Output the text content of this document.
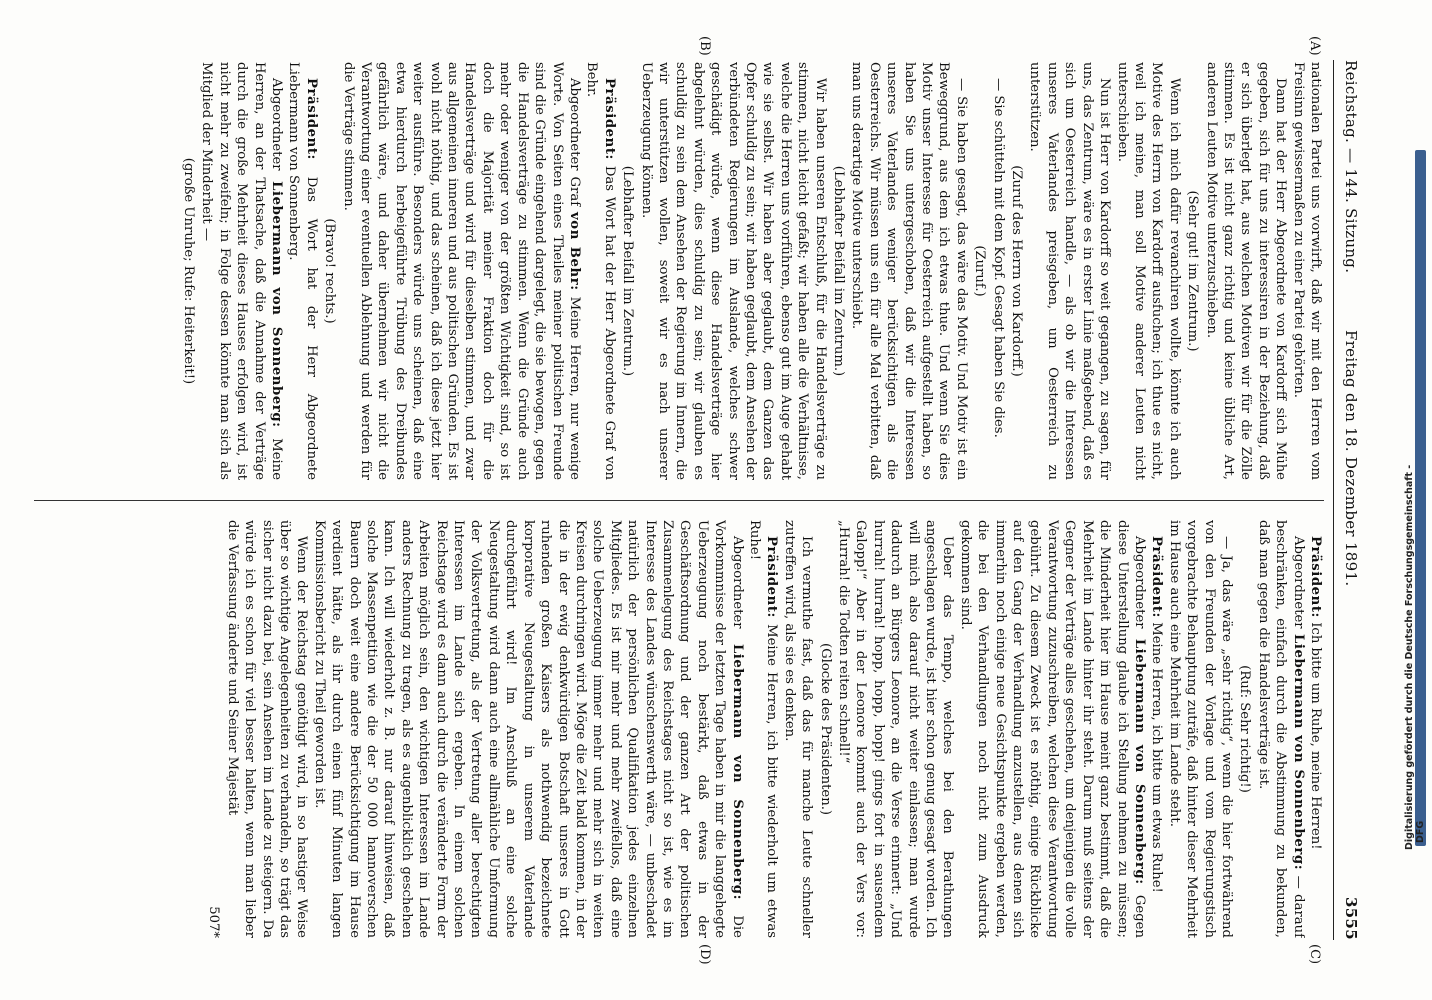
Reichstag. — 144. Sitzung.
Freitag den 18. Dezember 1891.
3555
(A)
(B)
(C)
(D)

nationalen Partei uns vorwirft, daß wir mit den Herren vom Freisinn gewissermaßen zu einer Partei gehörten.

Dann hat der Herr Abgeordnete von Kardorff sich Mühe gegeben, sich für uns zu interessiren in der Beziehung, daß er sich überlegt hat, aus welchen Motiven wir für die Zölle stimmen. Es ist nicht ganz richtig und keine übliche Art, anderen Leuten Motive unterzuschieben.

(Sehr gut! im Zentrum.)

Wenn ich mich dafür revanchiren wollte, könnte ich auch Motive des Herrn von Kardorff ausfuchen; ich thue es nicht, weil ich meine, man soll Motive anderer Leuten nicht unterschieben.

Nun ist Herr von Kardorff so weit gegangen, zu sagen, für uns, das Zentrum, wäre es in erster Linie maßgebend, daß es sich um Oesterreich handle, — als ob wir die Interessen unseres Vaterlandes preisgeben, um Oesterreich zu unterstützen.

(Zuruf des Herrn von Kardorff.)

— Sie schütteln mit dem Kopf. Gesagt haben Sie dies.

(Zuruf.)

— Sie haben gesagt, das wäre das Motiv. Und Motiv ist ein Beweggrund, aus dem ich etwas thue. Und wenn Sie dies Motiv unser Interesse für Oesterreich aufgestellt haben, so haben Sie uns untergeschoben, daß wir die Interessen unseres Vaterlandes weniger berücksichtigen als die Oesterreichs. Wir müssen uns ein für alle Mal verbitten, daß man uns derartige Motive unterschiebt.

(Lebhafter Beifall im Zentrum.)

Wir haben unseren Entschluß, für die Handelsverträge zu stimmen, nicht leicht gefaßt; wir haben alle die Verhältnisse, welche die Herren uns vorführen, ebenso gut im Auge gehabt wie sie selbst. Wir haben aber geglaubt, dem Ganzen das Opfer schuldig zu sein; wir haben geglaubt, dem Ansehen der verbündeten Regierungen im Auslande, welches schwer geschädigt würde, wenn diese Handelsverträge hier abgelehnt würden, dies schuldig zu sein; wir glauben es schuldig zu sein dem Ansehen der Regierung im Innern, die wir unterstützen wollen, soweit wir es nach unserer Ueberzeugung können.

(Lebhafter Beifall im Zentrum.)

Präsident: Das Wort hat der Herr Abgeordnete Graf von Behr.

Abgeordneter Graf von Behr: Meine Herren, nur wenige Worte. Von Seiten eines Theiles meiner politischen Freunde sind die Gründe eingehend dargelegt, die sie bewogen, gegen die Handelsverträge zu stimmen. Wenn die Gründe auch mehr oder weniger von der größten Wichtigkeit sind, so ist doch die Majorität meiner Fraktion doch für die Handelsverträge und wird für dieselben stimmen, und zwar aus allgemeinen inneren und aus politischen Gründen. Es ist wohl nicht nöthig, und das scheinen, daß ich diese jetzt hier weiter ausführe. Besonders würde uns scheinen, daß eine etwa hierdurch herbeigeführte Trübung des Dreibundes gefährlich wäre, und daher übernehmen wir nicht die Verantwortung einer eventuellen Ablehnung und werden für die Verträge stimmen.

(Bravo! rechts.)

Präsident: Das Wort hat der Herr Abgeordnete Liebermann von Sonnenberg.

Abgeordneter Liebermann von Sonnenberg: Meine Herren, an der Thatsache, daß die Annahme der Verträge durch die große Mehrheit dieses Hauses erfolgen wird, ist nicht mehr zu zweifeln; in Folge dessen könnte man sich als Mitglied der Minderheit —

(große Unruhe; Rufe: Heiterkeit!)

Präsident: Ich bitte um Ruhe, meine Herren!

Abgeordneter Liebermann von Sonnenberg: — darauf beschränken, einfach durch die Abstimmung zu bekunden, daß man gegen die Handelsverträge ist.

(Ruf: Sehr richtig!)

— Ja, das wäre „sehr richtig“, wenn die hier fortwährend von den Freunden der Vorlage und vom Regierungstisch vorgebrachte Behauptung zuträfe, daß hinter dieser Mehrheit im Hause auch eine Mehrheit im Lande steht.

Präsident: Meine Herren, ich bitte um etwas Ruhe!

Abgeordneter Liebermann von Sonnenberg: Gegen diese Unterstellung glaube ich Stellung nehmen zu müssen; die Minderheit hier im Hause meint ganz bestimmt, daß die Mehrheit im Lande hinter ihr steht. Darum muß seitens der Gegner der Verträge alles geschehen, um denjenigen die volle Verantwortung zuzuschreiben, welchen diese Verantwortung gebührt. Zu diesem Zweck ist es nöthig, einige Rückblicke auf den Gang der Verhandlung anzustellen, aus denen sich immerhin noch einige neue Gesichtspunkte ergeben werden, die bei den Verhandlungen noch nicht zum Ausdruck gekommen sind.

Ueber das Tempo, welches bei den Berathungen angeschlagen wurde, ist hier schon genug gesagt worden. Ich will mich also darauf nicht weiter einlassen; man wurde dadurch an Bürgers Leonore, an die Verse erinnert: „Und hurrah! hurrah! hopp, hopp, hopp! gings fort in sausendem Galopp!“ Aber in der Leonore kommt auch der Vers vor: „Hurrah! die Todten reiten schnell!“

(Glocke des Präsidenten.)

Ich vermuthe fast, daß das für manche Leute schneller zutreffen wird, als sie es denken.

Präsident: Meine Herren, ich bitte wiederholt um etwas Ruhe!

Abgeordneter Liebermann von Sonnenberg: Die Vorkommnisse der letzten Tage haben in mir die langgehegte Ueberzeugung noch bestärkt, daß etwas in der Geschäftsordnung und der ganzen Art der politischen Zusammenlegung des Reichstages nicht so ist, wie es im Interesse des Landes wünschenswerth wäre, — unbeschadet natürlich der persönlichen Qualifikation jedes einzelnen Mitgliedes. Es ist mir mehr und mehr zweifellos, daß eine solche Ueberzeugung immer mehr und mehr sich in weiten Kreisen durchringen wird. Möge die Zeit bald kommen, in der die in der ewig denkwürdigen Botschaft unseres in Gott ruhenden großen Kaisers als nothwendig bezeichnete korporative Neugestaltung in unserem Vaterlande durchgeführt wird! Im Anschluß an eine solche Neugestaltung wird dann auch eine allmähliche Umformung der Volksvertretung, als der Vertretung aller berechtigten Interessen im Lande sich ergeben. In einem solchen Reichstage wird es dann auch durch die veränderte Form der Arbeiten möglich sein, den wichtigen Interessen im Lande anders Rechnung zu tragen, als es augenblicklich geschehen kann. Ich will wiederholt z. B. nur darauf hinweisen, daß solche Massenpetition wie die der 50 000 hannoverschen Bauern doch weit eine andere Berücksichtigung im Hause verdient hätte, als ihr durch einen fünf Minuten langen Kommissionsbericht zu Theil geworden ist.

Wenn der Reichstag genöthigt wird, in so hastiger Weise über so wichtige Angelegenheiten zu verhandeln, so trägt das sicher nicht dazu bei, sein Ansehen im Lande zu steigern. Da würde ich es schon für viel besser halten, wenn man lieber die Verfassung änderte und Seiner Majestät

507*

Digitalisierung gefördert durch die Deutsche Forschungsgemeinschaft - DFG
